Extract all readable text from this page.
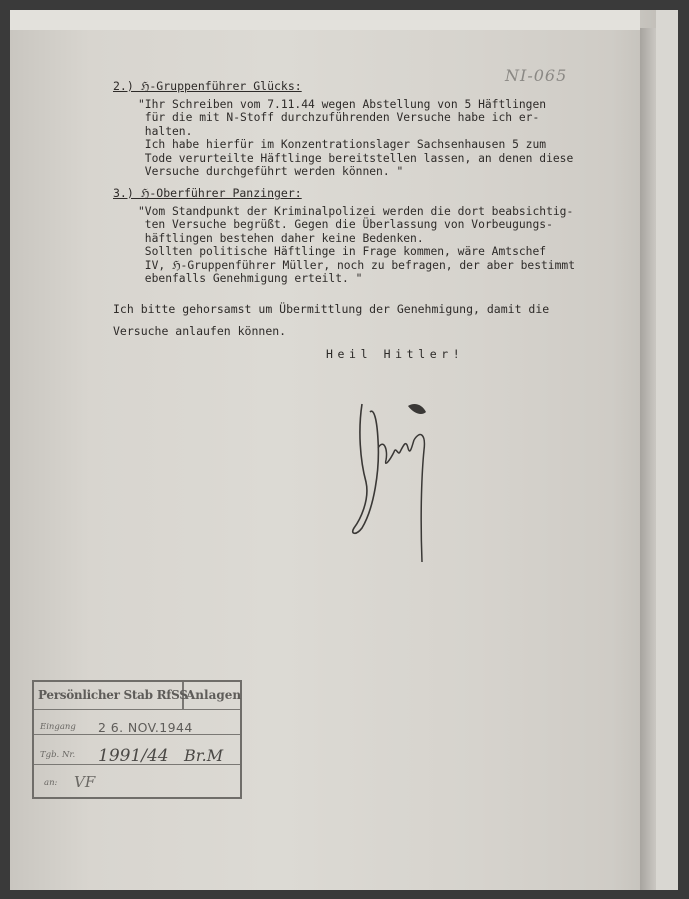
NI-065
2.) ℌ-Gruppenführer Glücks:
"Ihr Schreiben vom 7.11.44 wegen Abstellung von 5 Häftlingen
für die mit N-Stoff durchzuführenden Versuche habe ich er-
halten.
Ich habe hierfür im Konzentrationslager Sachsenhausen 5 zum
Tode verurteilte Häftlinge bereitstellen lassen, an denen diese
Versuche durchgeführt werden können. "
3.) ℌ-Oberführer Panzinger:
"Vom Standpunkt der Kriminalpolizei werden die dort beabsichtig-
ten Versuche begrüßt. Gegen die Überlassung von Vorbeugungs-
häftlingen bestehen daher keine Bedenken.
Sollten politische Häftlinge in Frage kommen, wäre Amtschef
IV, ℌ-Gruppenführer Müller, noch zu befragen, der aber bestimmt
ebenfalls Genehmigung erteilt. "
Ich bitte gehorsamst um Übermittlung der Genehmigung, damit die
Versuche anlaufen können.
Heil Hitler!
Persönlicher Stab RfSS
Anlagen
Eingang 2 6. NOV.1944
Tgb. Nr. 1991/44 Br.M
an: VF
